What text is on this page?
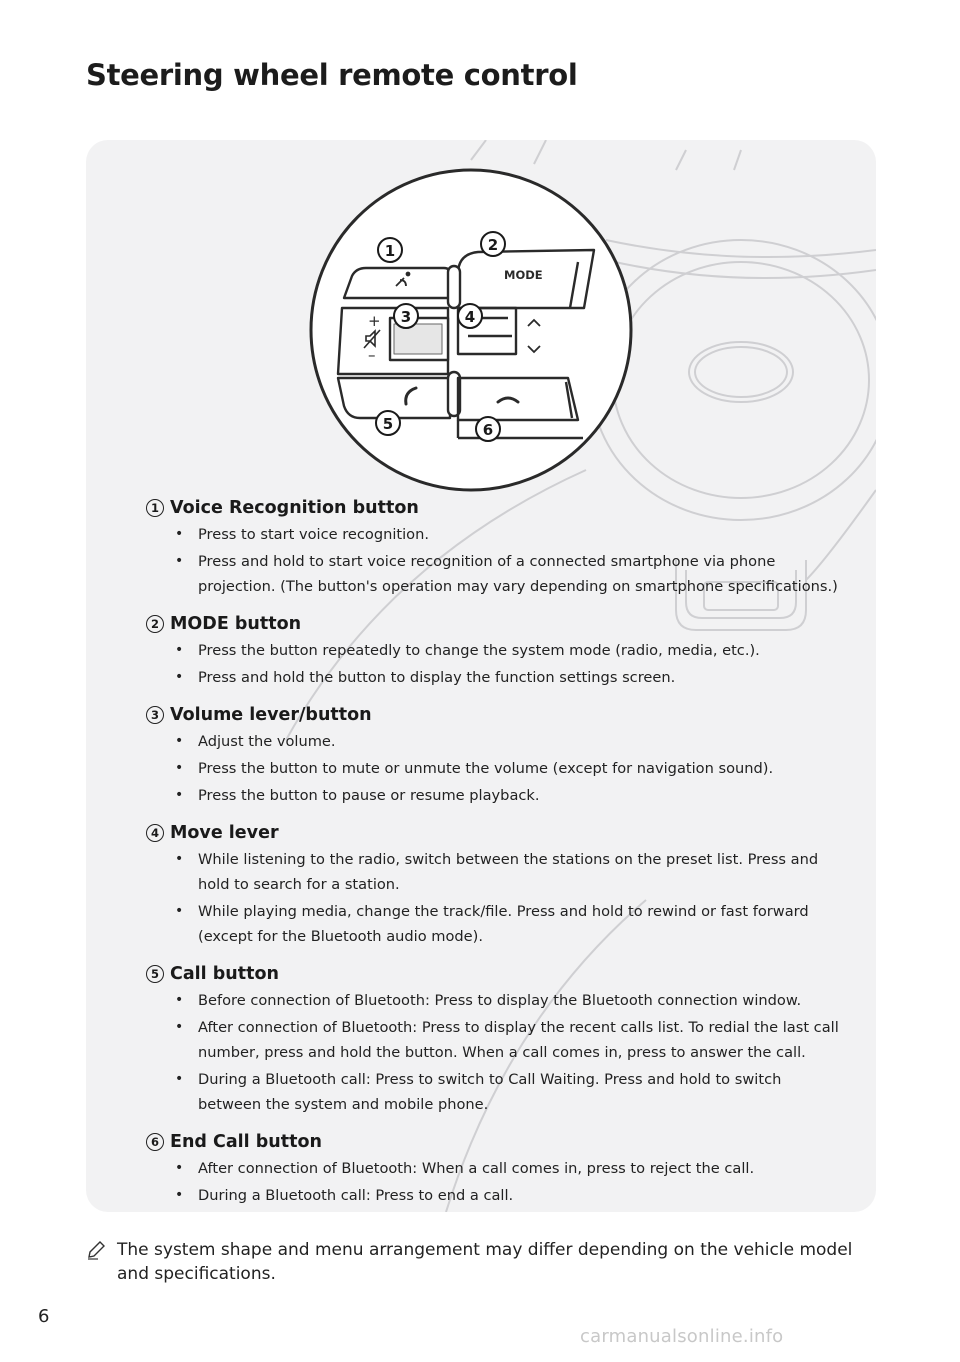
Steering wheel remote control
+
–
MODE
1	2
3	4
5	6
1 Voice Recognition button
• Press to start voice recognition.
• Press and hold to start voice recognition of a connected smartphone via phone projection. (The button's operation may vary depending on smartphone specifications.)
2 MODE button
• Press the button repeatedly to change the system mode (radio, media, etc.).
• Press and hold the button to display the function settings screen.
3 Volume lever/button
• Adjust the volume.
• Press the button to mute or unmute the volume (except for navigation sound).
• Press the button to pause or resume playback.
4 Move lever
• While listening to the radio, switch between the stations on the preset list. Press and hold to search for a station.
• While playing media, change the track/file. Press and hold to rewind or fast forward (except for the Bluetooth audio mode).
5 Call button
• Before connection of Bluetooth: Press to display the Bluetooth connection window.
• After connection of Bluetooth: Press to display the recent calls list. To redial the last call number, press and hold the button. When a call comes in, press to answer the call.
• During a Bluetooth call: Press to switch to Call Waiting. Press and hold to switch between the system and mobile phone.
6 End Call button
• After connection of Bluetooth: When a call comes in, press to reject the call.
• During a Bluetooth call: Press to end a call.
The system shape and menu arrangement may differ depending on the vehicle model and specifications.
6
carmanualsonline.info
